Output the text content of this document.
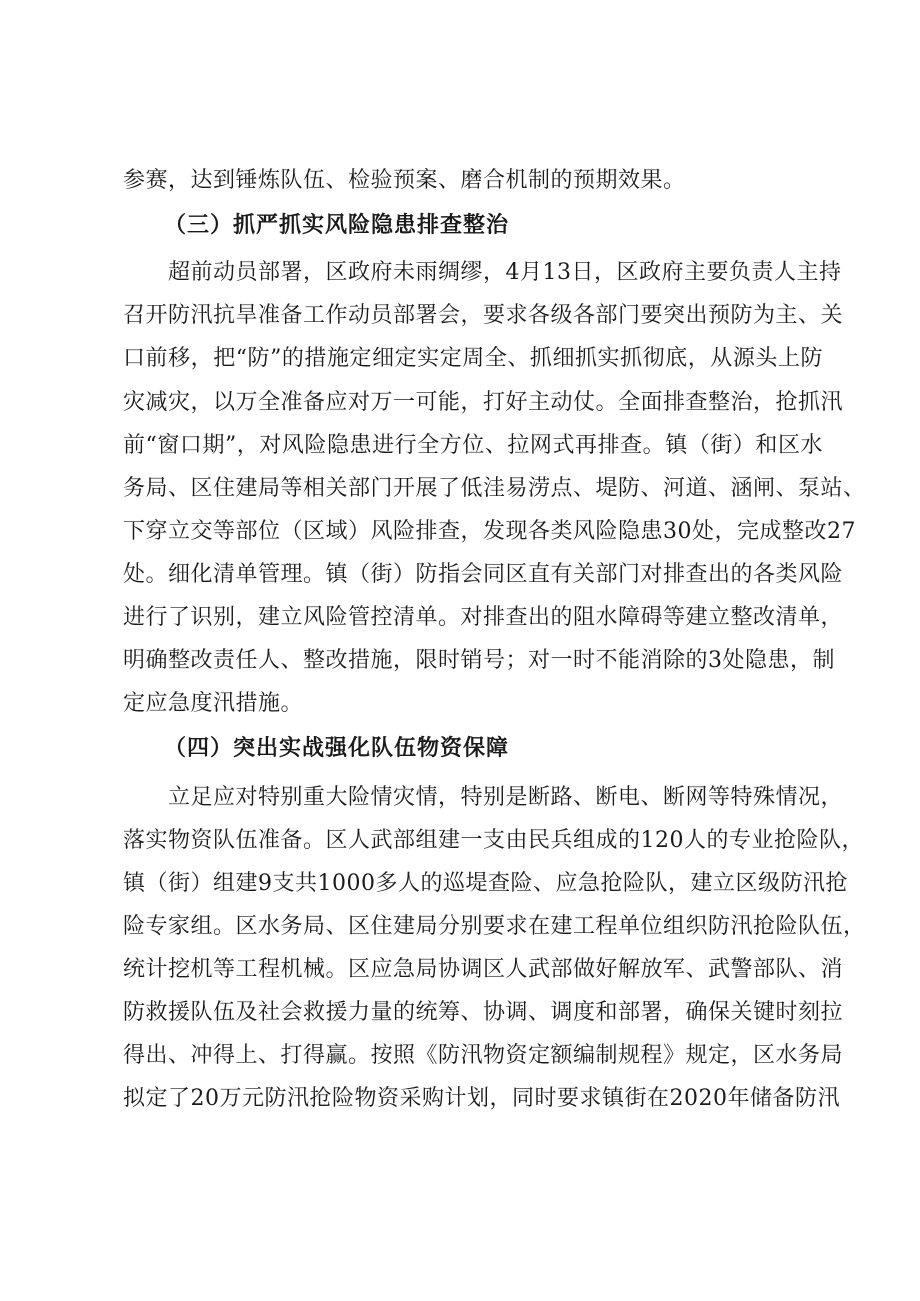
参赛，达到锤炼队伍、检验预案、磨合机制的预期效果。
（三）抓严抓实风险隐患排查整治
超前动员部署，区政府未雨绸缪，4月13日，区政府主要负责人主持
召开防汛抗旱准备工作动员部署会，要求各级各部门要突出预防为主、关
口前移，把“防”的措施定细定实定周全、抓细抓实抓彻底，从源头上防
灾减灾，以万全准备应对万一可能，打好主动仗。全面排查整治，抢抓汛
前“窗口期”，对风险隐患进行全方位、拉网式再排查。镇（街）和区水
务局、区住建局等相关部门开展了低洼易涝点、堤防、河道、涵闸、泵站、
下穿立交等部位（区域）风险排查，发现各类风险隐患30处，完成整改27
处。细化清单管理。镇（街）防指会同区直有关部门对排查出的各类风险
进行了识别，建立风险管控清单。对排查出的阻水障碍等建立整改清单，
明确整改责任人、整改措施，限时销号；对一时不能消除的3处隐患，制
定应急度汛措施。
（四）突出实战强化队伍物资保障
立足应对特别重大险情灾情，特别是断路、断电、断网等特殊情况，
落实物资队伍准备。区人武部组建一支由民兵组成的120人的专业抢险队，
镇（街）组建9支共1000多人的巡堤查险、应急抢险队，建立区级防汛抢
险专家组。区水务局、区住建局分别要求在建工程单位组织防汛抢险队伍，
统计挖机等工程机械。区应急局协调区人武部做好解放军、武警部队、消
防救援队伍及社会救援力量的统筹、协调、调度和部署，确保关键时刻拉
得出、冲得上、打得赢。按照《防汛物资定额编制规程》规定，区水务局
拟定了20万元防汛抢险物资采购计划，同时要求镇街在2020年储备防汛
